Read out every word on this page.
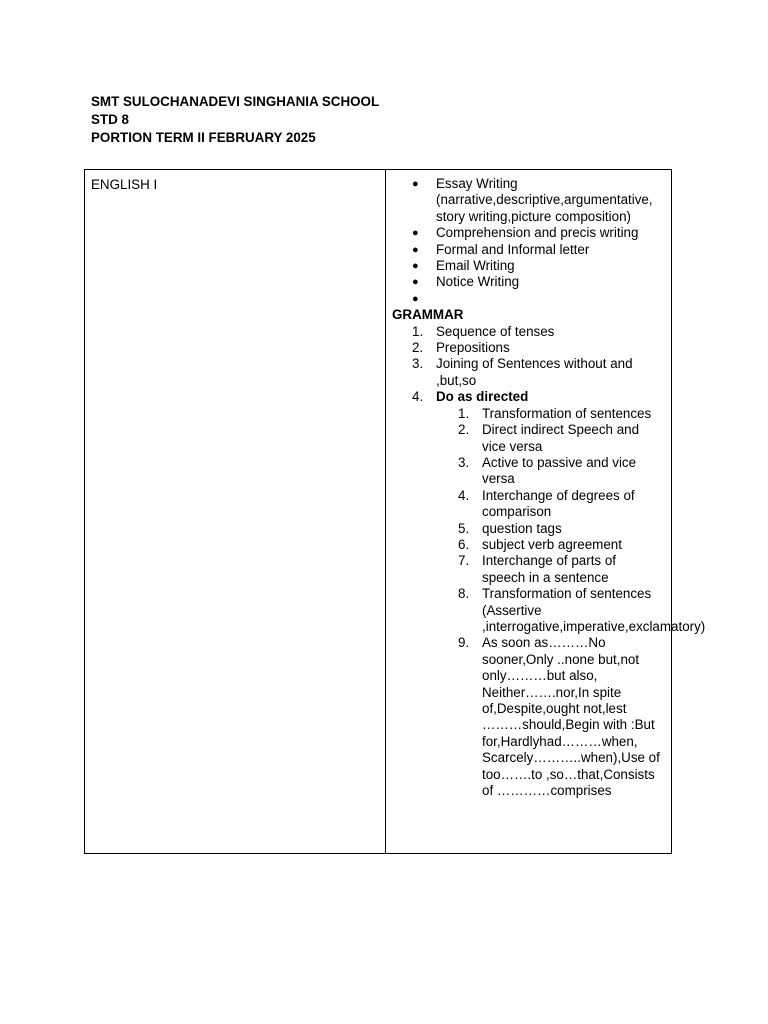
SMT SULOCHANADEVI SINGHANIA SCHOOL
STD 8
PORTION TERM II FEBRUARY 2025
ENGLISH I	● Essay Writing (narrative,descriptive,argumentative, story writing,picture composition)
● Comprehension and precis writing
● Formal and Informal letter
● Email Writing
● Notice Writing
●

GRAMMAR
1. Sequence of tenses
2. Prepositions
3. Joining of Sentences without and ,but,so
4. Do as directed
1. Transformation of sentences
2. Direct indirect Speech and vice versa
3. Active to passive and vice versa
4. Interchange of degrees of comparison
5. question tags
6. subject verb agreement
7. Interchange of parts of speech in a sentence
8. Transformation of sentences (Assertive ,interrogative,imperative,exclamatory)
9. As soon as………No sooner,Only ..none but,not only………but also, Neither…….nor,In spite of,Despite,ought not,lest ………should,Begin with :But for,Hardlyhad………when, Scarcely………..when),Use of too…….to ,so…that,Consists of …………comprises
